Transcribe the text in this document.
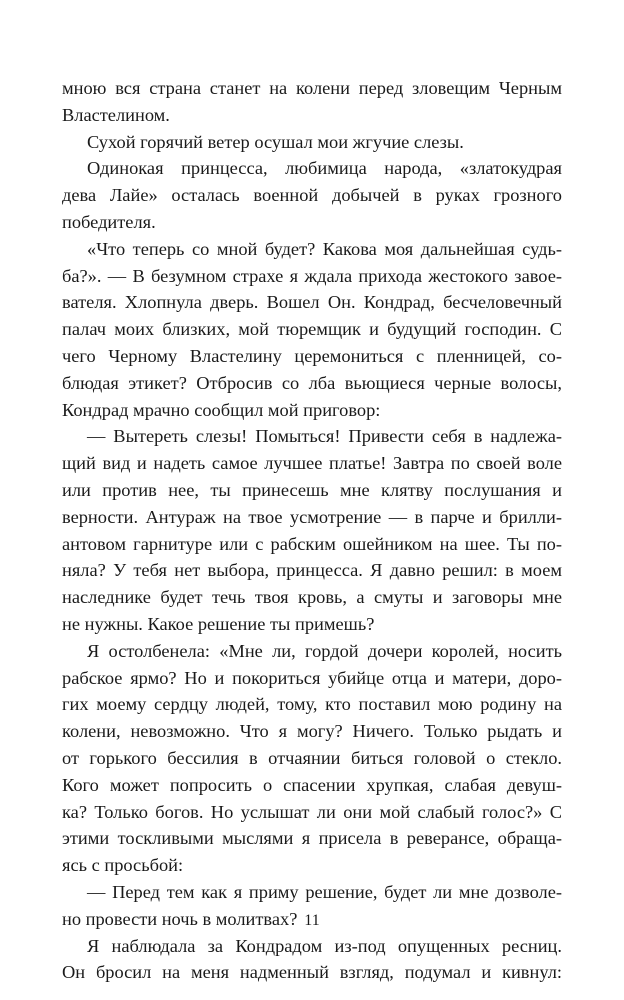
мною вся страна станет на колени перед зловещим Черным
Властелином.
Сухой горячий ветер осушал мои жгучие слезы.
Одинокая принцесса, любимица народа, «златокудрая
дева Лайе» осталась военной добычей в руках грозного
победителя.
«Что теперь со мной будет? Какова моя дальнейшая судь-
ба?». — В безумном страхе я ждала прихода жестокого завое-
вателя. Хлопнула дверь. Вошел Он. Кондрад, бесчеловечный
палач моих близких, мой тюремщик и будущий господин. С
чего Черному Властелину церемониться с пленницей, со-
блюдая этикет? Отбросив со лба вьющиеся черные волосы,
Кондрад мрачно сообщил мой приговор:
— Вытереть слезы! Помыться! Привести себя в надлежа-
щий вид и надеть самое лучшее платье! Завтра по своей воле
или против нее, ты принесешь мне клятву послушания и
верности. Антураж на твое усмотрение — в парче и брилли-
антовом гарнитуре или с рабским ошейником на шее. Ты по-
няла? У тебя нет выбора, принцесса. Я давно решил: в моем
наследнике будет течь твоя кровь, а смуты и заговоры мне
не нужны. Какое решение ты примешь?
Я остолбенела: «Мне ли, гордой дочери королей, носить
рабское ярмо? Но и покориться убийце отца и матери, доро-
гих моему сердцу людей, тому, кто поставил мою родину на
колени, невозможно. Что я могу? Ничего. Только рыдать и
от горького бессилия в отчаянии биться головой о стекло.
Кого может попросить о спасении хрупкая, слабая девуш-
ка? Только богов. Но услышат ли они мой слабый голос?» С
этими тоскливыми мыслями я присела в реверансе, обраща-
ясь с просьбой:
— Перед тем как я приму решение, будет ли мне дозволе-
но провести ночь в молитвах?
Я наблюдала за Кондрадом из-под опущенных ресниц.
Он бросил на меня надменный взгляд, подумал и кивнул:
11
